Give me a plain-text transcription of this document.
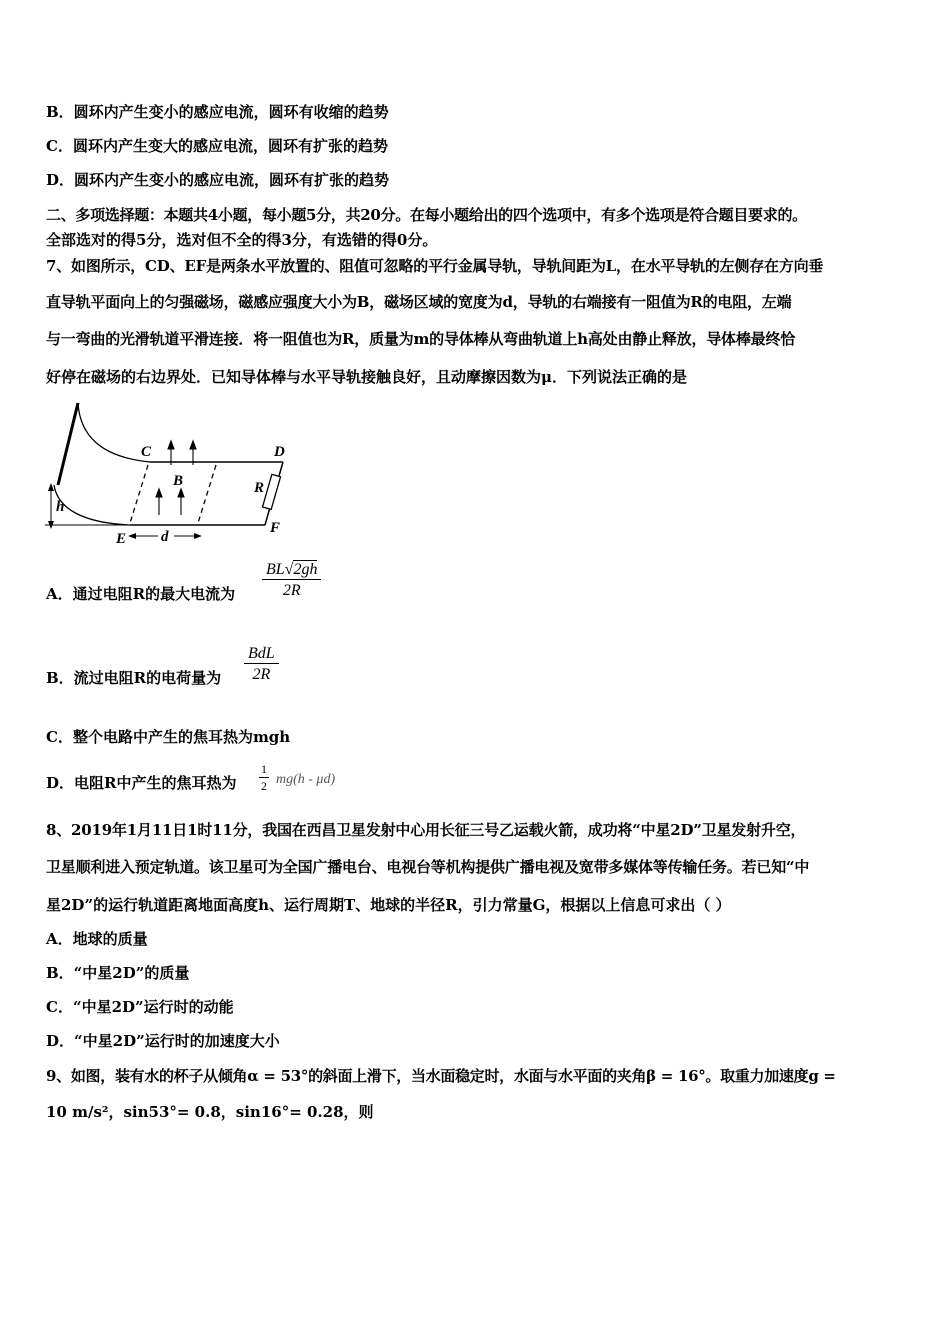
B．圆环内产生变小的感应电流，圆环有收缩的趋势
C．圆环内产生变大的感应电流，圆环有扩张的趋势
D．圆环内产生变小的感应电流，圆环有扩张的趋势
二、多项选择题：本题共4小题，每小题5分，共20分。在每小题给出的四个选项中，有多个选项是符合题目要求的。
全部选对的得5分，选对但不全的得3分，有选错的得0分。
7、如图所示，CD、EF是两条水平放置的、阻值可忽略的平行金属导轨，导轨间距为L，在水平导轨的左侧存在方向垂
直导轨平面向上的匀强磁场，磁感应强度大小为B，磁场区域的宽度为d，导轨的右端接有一阻值为R的电阻，左端
与一弯曲的光滑轨道平滑连接．将一阻值也为R，质量为m的导体棒从弯曲轨道上h高处由静止释放，导体棒最终恰
好停在磁场的右边界处．已知导体棒与水平导轨接触良好，且动摩擦因数为μ．下列说法正确的是
C	D
B	R
h
E d
F
A．通过电阻R的最大电流为 $\frac{BL√2gh}{2R}$
B．流过电阻R的电荷量为
BdL
2R
C．整个电路中产生的焦耳热为mgh
D．电阻R中产生的焦耳热为 $\frac{1}{2} mg(h - \mu d)$
8、2019年1月11日1时11分，我国在西昌卫星发射中心用长征三号乙运载火箭，成功将“中星2D”卫星发射升空，
卫星顺利进入预定轨道。该卫星可为全国广播电台、电视台等机构提供广播电视及宽带多媒体等传输任务。若已知“中
星2D”的运行轨道距离地面高度h、运行周期T、地球的半径R，引力常量G，根据以上信息可求出（ ）
A．地球的质量
B．“中星2D”的质量
C．“中星2D”运行时的动能
D．“中星2D”运行时的加速度大小
9、如图，装有水的杯子从倾角α = 53°的斜面上滑下，当水面稳定时，水面与水平面的夹角β = 16°。取重力加速度g =
10 m/s²，sin53°= 0.8，sin16°= 0.28，则
